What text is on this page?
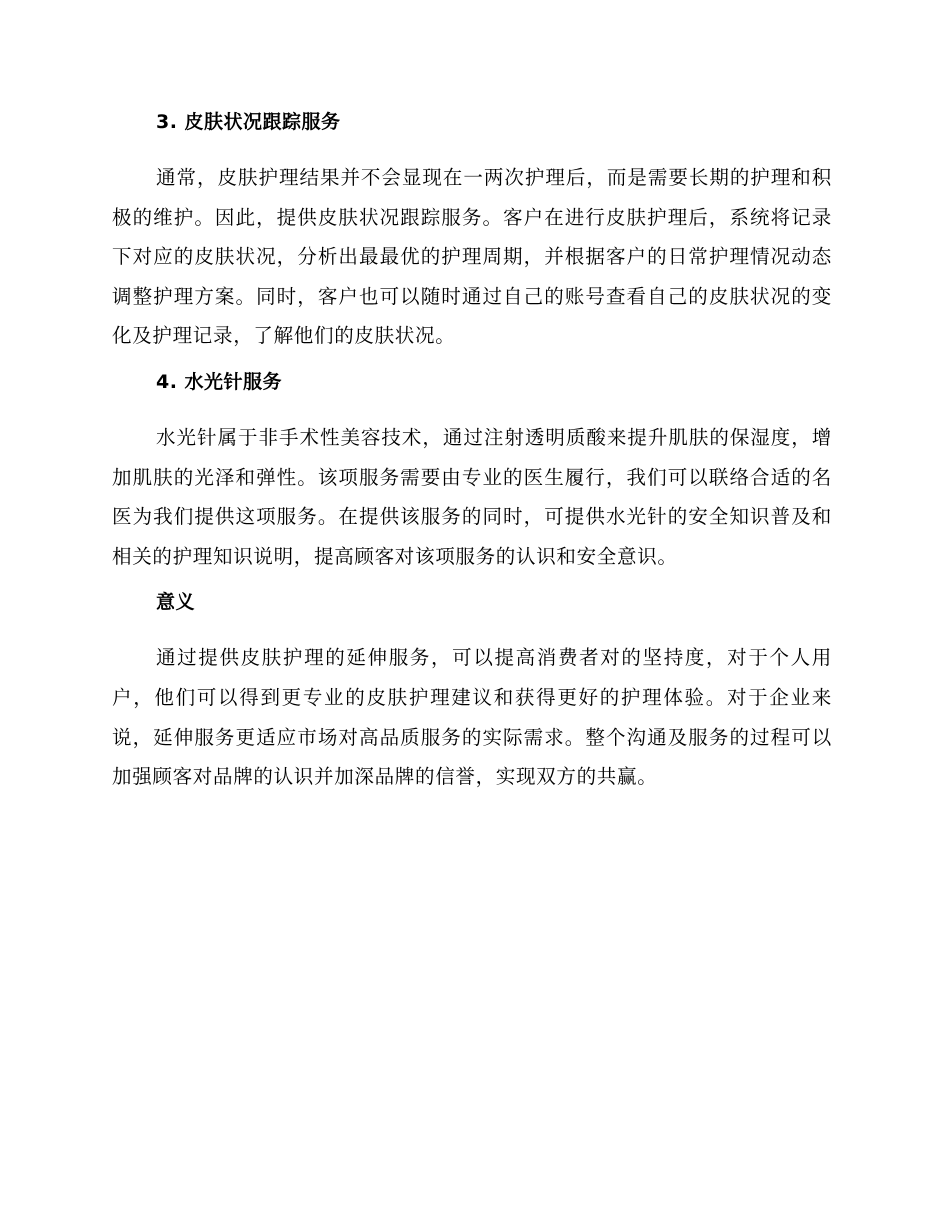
3. 皮肤状况跟踪服务

通常，皮肤护理结果并不会显现在一两次护理后，而是需要长期的护理和积极的维护。因此，提供皮肤状况跟踪服务。客户在进行皮肤护理后，系统将记录下对应的皮肤状况，分析出最最优的护理周期，并根据客户的日常护理情况动态调整护理方案。同时，客户也可以随时通过自己的账号查看自己的皮肤状况的变化及护理记录，了解他们的皮肤状况。

4. 水光针服务

水光针属于非手术性美容技术，通过注射透明质酸来提升肌肤的保湿度，增加肌肤的光泽和弹性。该项服务需要由专业的医生履行，我们可以联络合适的名医为我们提供这项服务。在提供该服务的同时，可提供水光针的安全知识普及和相关的护理知识说明，提高顾客对该项服务的认识和安全意识。

意义

通过提供皮肤护理的延伸服务，可以提高消费者对的坚持度，对于个人用户，他们可以得到更专业的皮肤护理建议和获得更好的护理体验。对于企业来说，延伸服务更适应市场对高品质服务的实际需求。整个沟通及服务的过程可以加强顾客对品牌的认识并加深品牌的信誉，实现双方的共赢。
